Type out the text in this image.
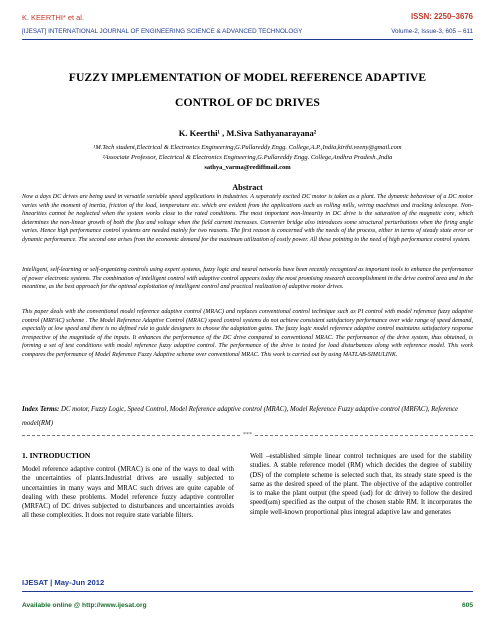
K. KEERTHI* et al.	ISSN: 2250–3676
[IJESAT] INTERNATIONAL JOURNAL OF ENGINEERING SCIENCE & ADVANCED TECHNOLOGY	Volume-2, Issue-3, 605 – 611
FUZZY IMPLEMENTATION OF MODEL REFERENCE ADAPTIVE
CONTROL OF DC DRIVES
K. Keerthi¹ , M.Siva Sathyanarayana²
¹M.Tech student,Electrical & Electronics Engineering,G.Pullareddy Engg. College,A.P.,India,kirthi.veeny@gmail.com
²Associate Professor, Electrical & Electronics Engineering,G.Pullareddy Engg. College,Andhra Pradesh.,India
sathya_varma@rediffmail.com
Abstract
Now a days DC drives are being used in versatile variable speed applications in industries. A separately excited DC motor is taken as a plant. The dynamic behaviour of a DC motor varies with the moment of inertia, friction of the load, temperature etc. which are evident from the applications such as rolling mills, wiring machines and tracking telescope. Non-linearities cannot be neglected when the system works close to the rated conditions. The most important non-linearity in DC drive is the saturation of the magnetic core, which determines the non-linear growth of both the flux and voltage when the field current increases. Converter bridge also introduces some structural perturbations when the firing angle varies. Hence high performance control systems are needed mainly for two reasons. The first reason is concerned with the needs of the process, either in terms of steady state error or dynamic performance. The second one arises from the economic demand for the maximum utilization of costly power. All these pointing to the need of high performance control system.
Intelligent, self-learning or self-organizing controls using expert systems, fuzzy logic and neural networks have been recently recognized as important tools to enhance the performance of power electronic systems. The combination of intelligent control with adaptive control appears today the most promising research accomplishment in the drive control area and in the meantime, as the best approach for the optimal exploitation of intelligent control and practical realization of adaptive motor drives.
This paper deals with the conventional model reference adaptive control (MRAC) and replaces conventional control technique such as PI control with model reference fuzzy adaptive control (MRFAC) scheme . The Model Reference Adaptive Control (MRAC) speed control systems do not achieve consistent satisfactory performance over wide range of speed demand, especially at low speed and there is no defined rule to guide designers to choose the adaptation gains. The fuzzy logic model reference adaptive control maintains satisfactory response irrespective of the magnitude of the inputs. It enhances the performance of the DC drive compared to conventional MRAC. The performance of the drive system, thus obtained, is forming a set of test conditions with model reference fuzzy adaptive control. The performance of the drive is tested for load disturbances along with reference model. This work compares the performance of Model Reference Fuzzy Adaptive scheme over conventional MRAC. This work is carried out by using MATLAB-SIMULINK.
Index Terms: DC motor, Fuzzy Logic, Speed Control, Model Reference adaptive control (MRAC), Model Reference Fuzzy adaptive control (MRFAC), Reference model(RM)
***
1. INTRODUCTION
Model reference adaptive control (MRAC) is one of the ways to deal with the uncertainties of plants.Industrial drives are usually subjected to uncertainties in many ways and MRAC such drives are quite capable of dealing with these problems. Model reference fuzzy adaptive controller (MRFAC) of DC drives subjected to disturbances and uncertainties avoids all these complexities. It does not require state variable filters.
Well –established simple linear control techniques are used for the stability studies. A stable reference model (RM) which decides the degree of stability (DS) of the complete scheme is selected such that, its steady state speed is the same as the desired speed of the plant. The objective of the adaptive controller is to make the plant output (the speed (ωd) for dc drive) to follow the desired speed(ωm) specified as the output of the chosen stable RM. It incorporates the simple well-known proportional plus integral adaptive law and generates
IJESAT | May-Jun 2012
Available online @ http://www.ijesat.org	605
